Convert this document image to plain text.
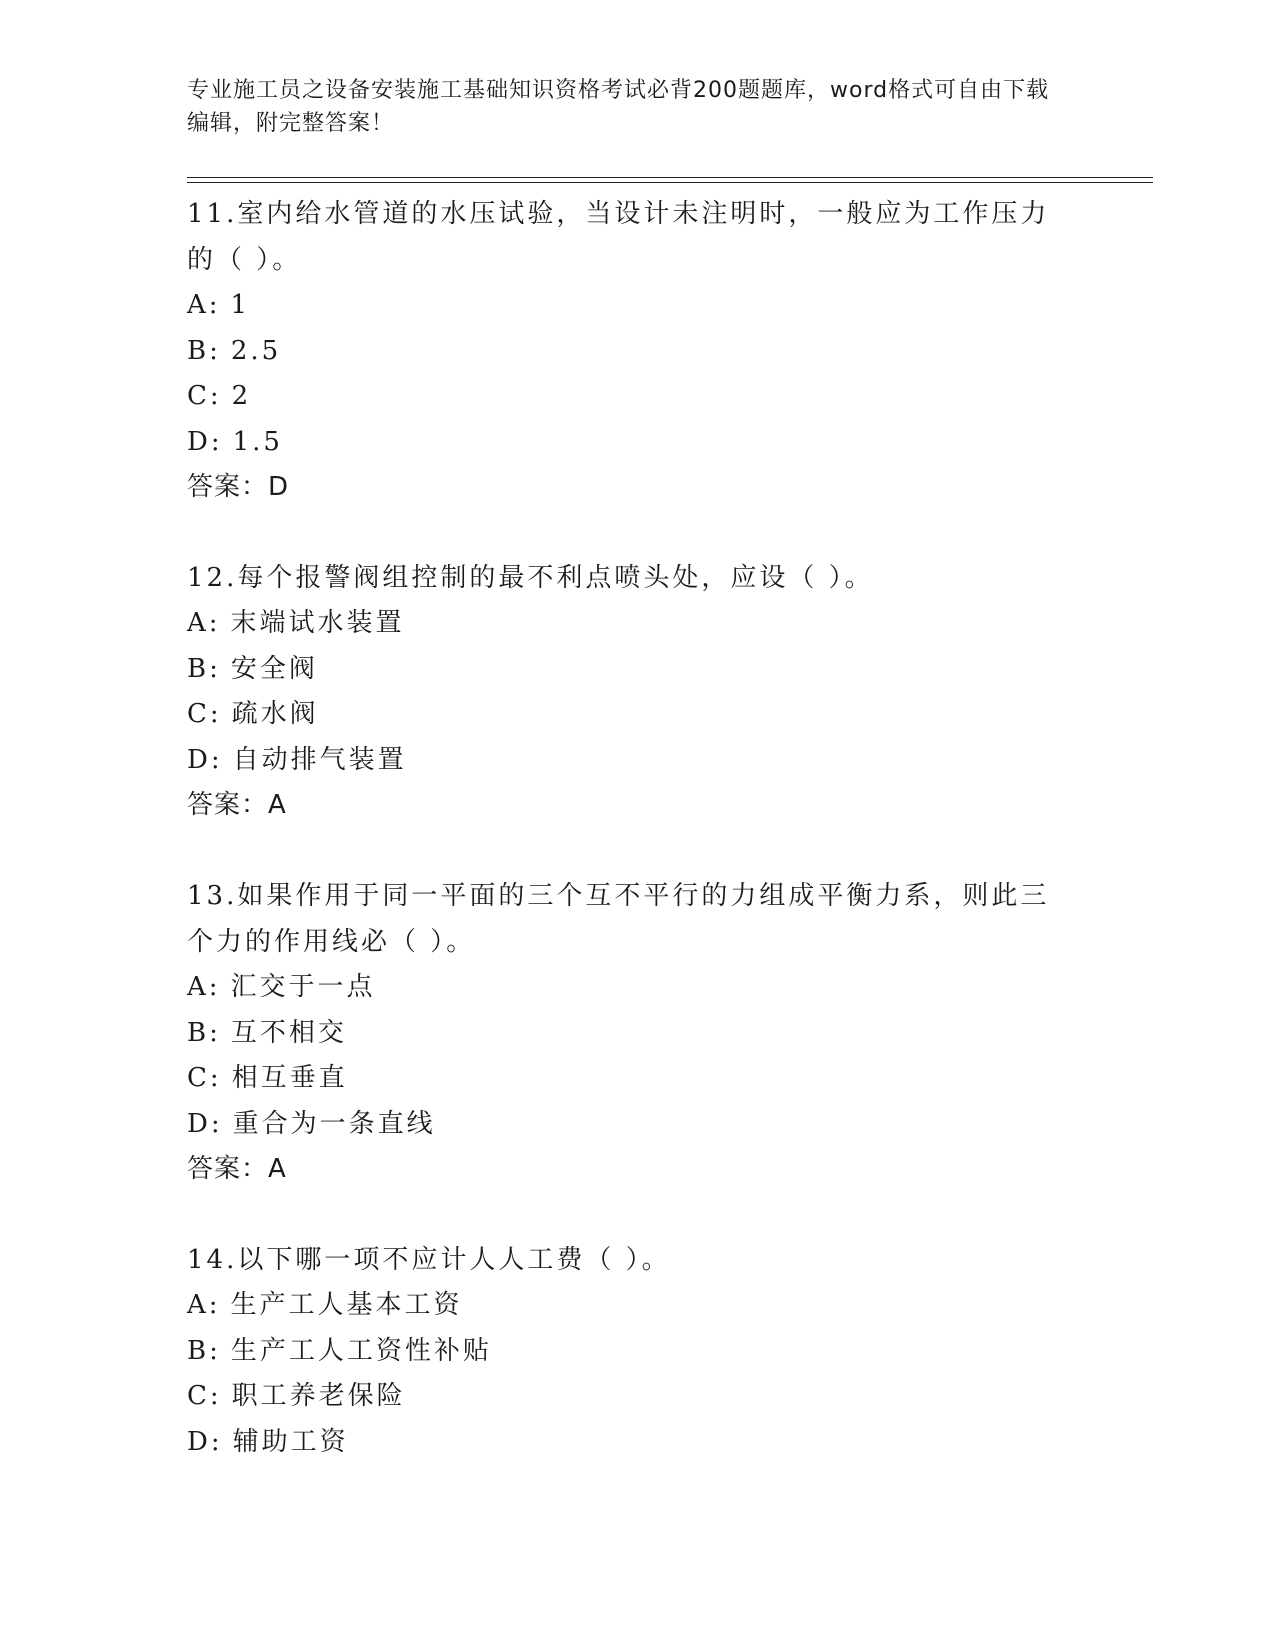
专业施工员之设备安装施工基础知识资格考试必背200题题库，word格式可自由下载编辑，附完整答案！
11.室内给水管道的水压试验，当设计未注明时，一般应为工作压力的（ ）。
A: 1
B: 2.5
C: 2
D: 1.5
答案：D
12.每个报警阀组控制的最不利点喷头处，应设（ ）。
A: 末端试水装置
B: 安全阀
C: 疏水阀
D: 自动排气装置
答案：A
13.如果作用于同一平面的三个互不平行的力组成平衡力系，则此三个力的作用线必（ ）。
A: 汇交于一点
B: 互不相交
C: 相互垂直
D: 重合为一条直线
答案：A
14.以下哪一项不应计人人工费（ ）。
A: 生产工人基本工资
B: 生产工人工资性补贴
C: 职工养老保险
D: 辅助工资
